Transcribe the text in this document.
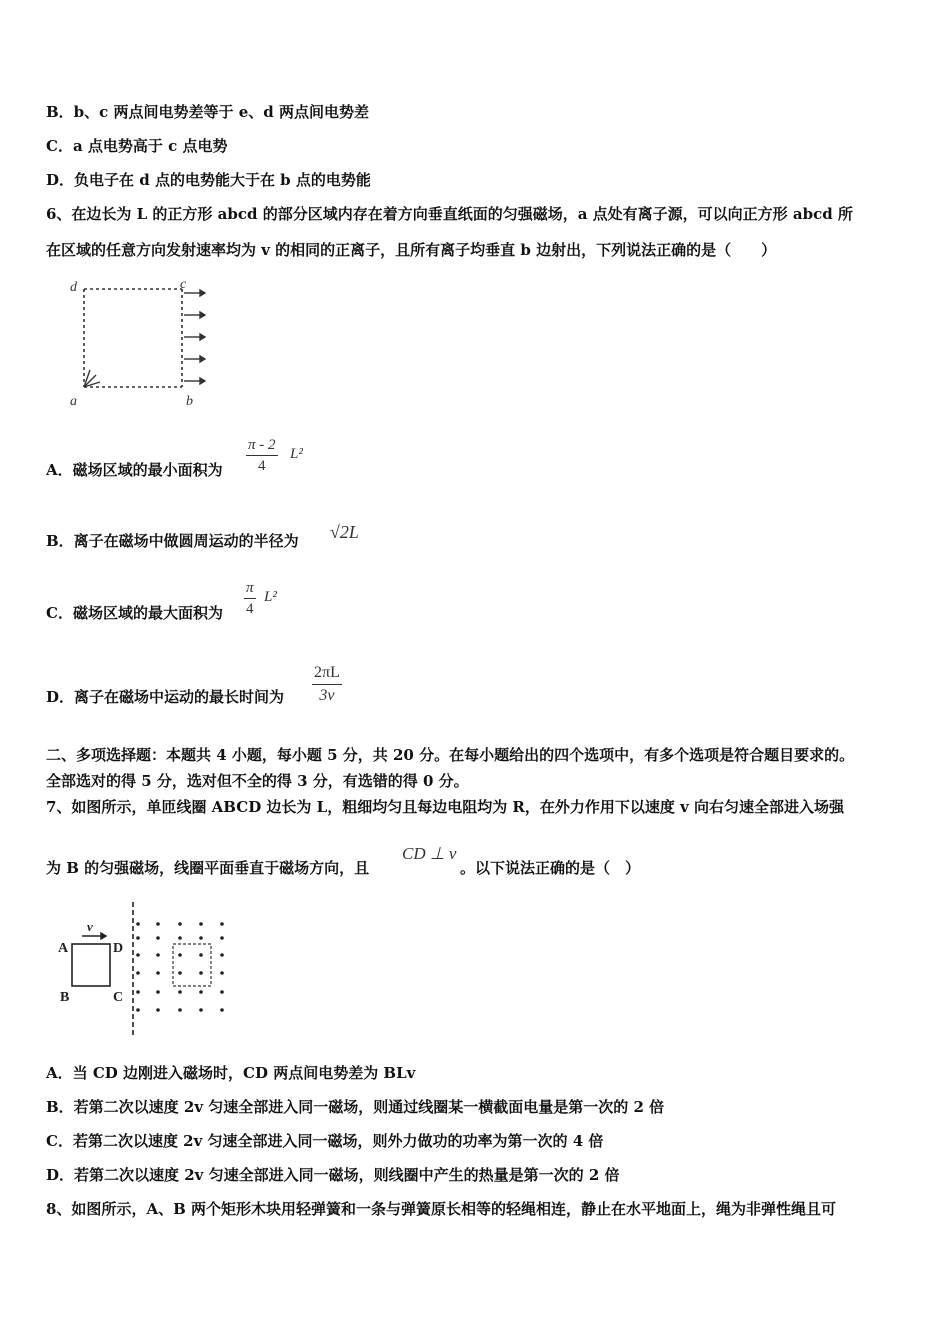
B．b、c 两点间电势差等于 e、d 两点间电势差
C．a 点电势高于 c 点电势
D．负电子在 d 点的电势能大于在 b 点的电势能
6、在边长为 L 的正方形 abcd 的部分区域内存在着方向垂直纸面的匀强磁场，a 点处有离子源，可以向正方形 abcd 所
在区域的任意方向发射速率均为 v 的相同的正离子，且所有离子均垂直 b 边射出，下列说法正确的是（　　）
d	c
a	b
A．磁场区域的最小面积为 $\frac{\pi - 2}{4} L^2$
B．离子在磁场中做圆周运动的半径为 √2L
C．磁场区域的最大面积为 $\frac{\pi}{4} L^2$
D．离子在磁场中运动的最长时间为 $\frac{2\pi L}{3v}$
二、多项选择题：本题共 4 小题，每小题 5 分，共 20 分。在每小题给出的四个选项中，有多个选项是符合题目要求的。
全部选对的得 5 分，选对但不全的得 3 分，有选错的得 0 分。
7、如图所示，单匝线圈 ABCD 边长为 L，粗细均匀且每边电阻均为 R，在外力作用下以速度 v 向右匀速全部进入场强
为 B 的匀强磁场，线圈平面垂直于磁场方向，且
CD ⊥ v
。以下说法正确的是（　）
A	D
B	C
v
A．当 CD 边刚进入磁场时，CD 两点间电势差为 BLv
B．若第二次以速度 2v 匀速全部进入同一磁场，则通过线圈某一横截面电量是第一次的 2 倍
C．若第二次以速度 2v 匀速全部进入同一磁场，则外力做功的功率为第一次的 4 倍
D．若第二次以速度 2v 匀速全部进入同一磁场，则线圈中产生的热量是第一次的 2 倍
8、如图所示，A、B 两个矩形木块用轻弹簧和一条与弹簧原长相等的轻绳相连，静止在水平地面上，绳为非弹性绳且可
